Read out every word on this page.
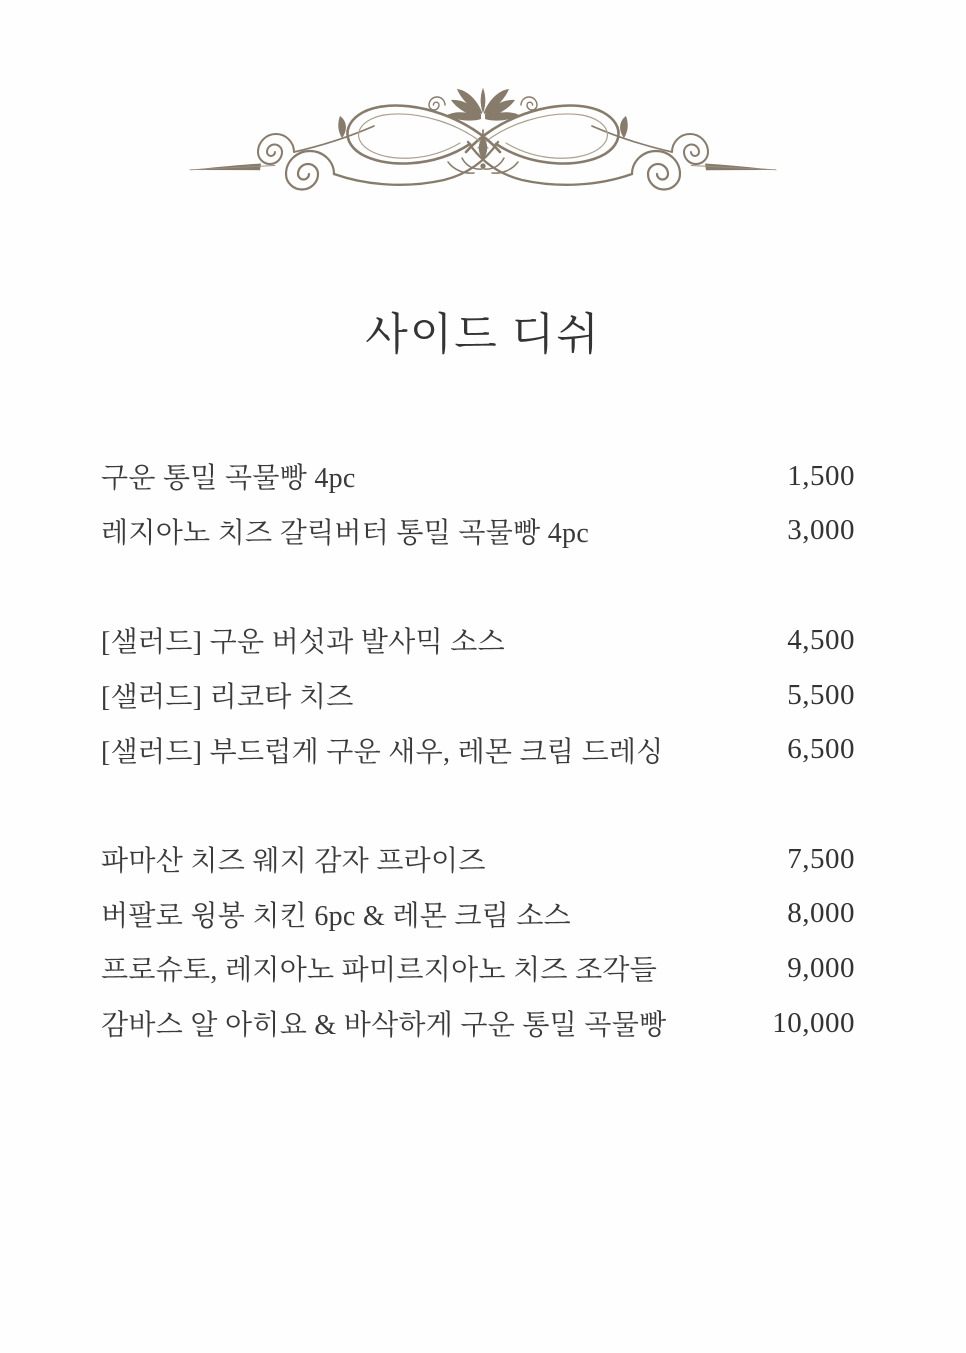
사이드 디쉬
구운 통밀 곡물빵 4pc	1,500
레지아노 치즈 갈릭버터 통밀 곡물빵 4pc	3,000
[샐러드] 구운 버섯과 발사믹 소스	4,500
[샐러드] 리코타 치즈	5,500
[샐러드] 부드럽게 구운 새우, 레몬 크림 드레싱	6,500
파마산 치즈 웨지 감자 프라이즈	7,500
버팔로 윙봉 치킨 6pc & 레몬 크림 소스	8,000
프로슈토, 레지아노 파미르지아노 치즈 조각들	9,000
감바스 알 아히요 & 바삭하게 구운 통밀 곡물빵	10,000
